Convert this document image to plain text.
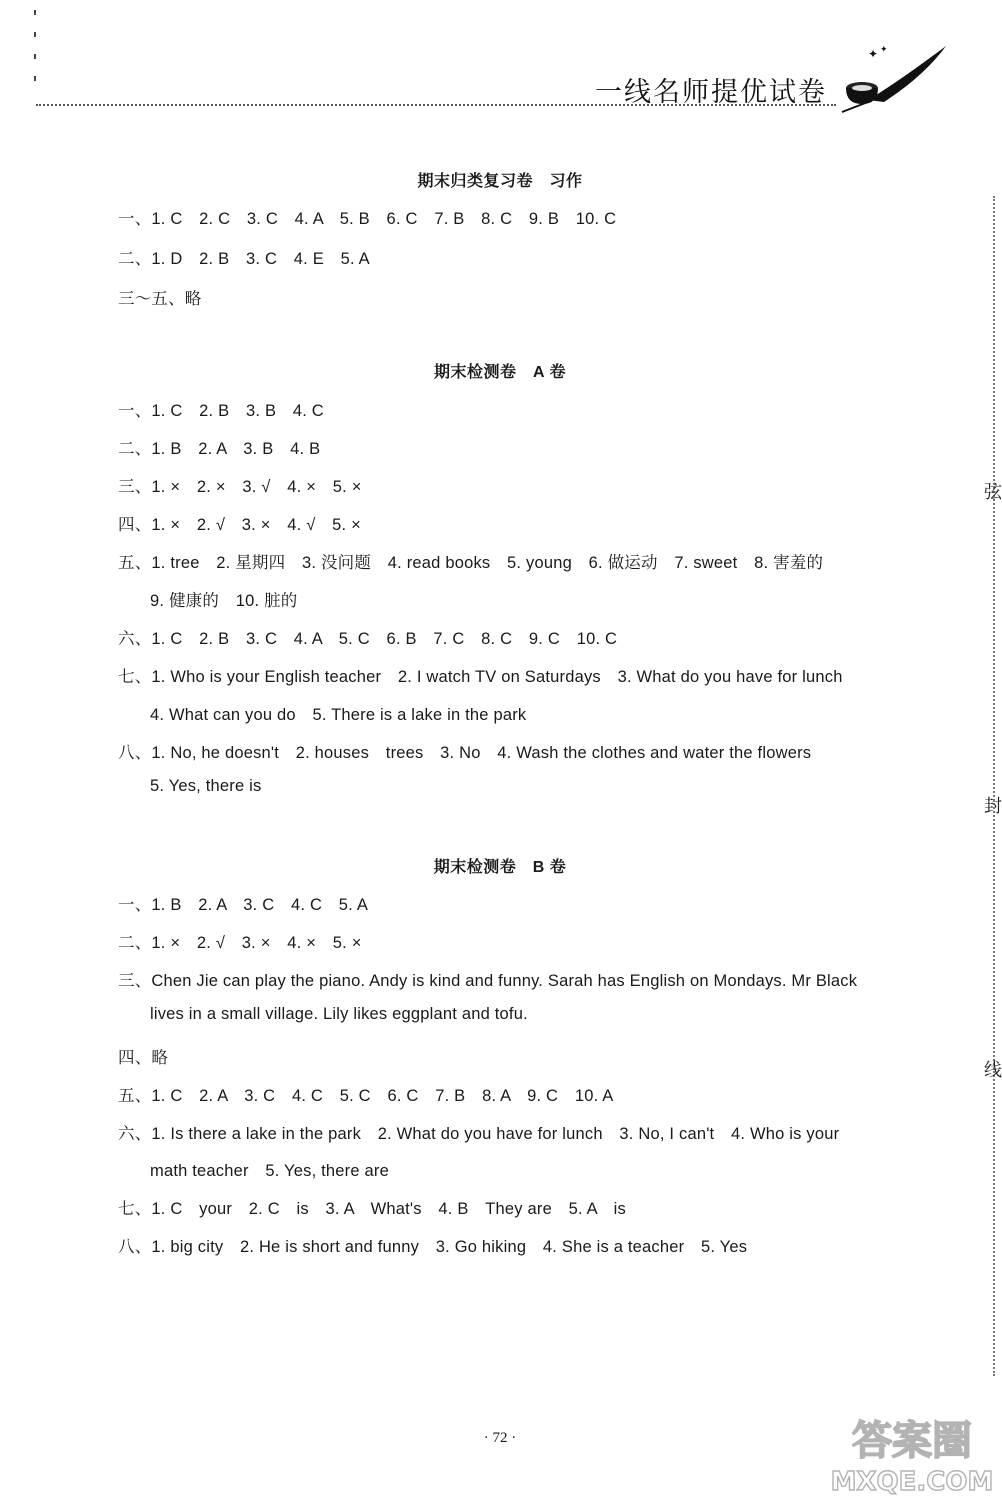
一线名师提优试卷
✦ ✦
弦
封
线
期末归类复习卷　习作
一、1. C　2. C　3. C　4. A　5. B　6. C　7. B　8. C　9. B　10. C
二、1. D　2. B　3. C　4. E　5. A
三～五、略
期末检测卷　A 卷
一、1. C　2. B　3. B　4. C
二、1. B　2. A　3. B　4. B
三、1. ×　2. ×　3. √　4. ×　5. ×
四、1. ×　2. √　3. ×　4. √　5. ×
五、1. tree　2. 星期四　3. 没问题　4. read books　5. young　6. 做运动　7. sweet　8. 害羞的
9. 健康的　10. 脏的
六、1. C　2. B　3. C　4. A　5. C　6. B　7. C　8. C　9. C　10. C
七、1. Who is your English teacher　2. I watch TV on Saturdays　3. What do you have for lunch
4. What can you do　5. There is a lake in the park
八、1. No, he doesn't　2. houses　trees　3. No　4. Wash the clothes and water the flowers
5. Yes, there is
期末检测卷　B 卷
一、1. B　2. A　3. C　4. C　5. A
二、1. ×　2. √　3. ×　4. ×　5. ×
三、Chen Jie can play the piano. Andy is kind and funny. Sarah has English on Mondays. Mr Black
lives in a small village. Lily likes eggplant and tofu.
四、略
五、1. C　2. A　3. C　4. C　5. C　6. C　7. B　8. A　9. C　10. A
六、1. Is there a lake in the park　2. What do you have for lunch　3. No, I can't　4. Who is your
math teacher　5. Yes, there are
七、1. C　your　2. C　is　3. A　What's　4. B　They are　5. A　is
八、1. big city　2. He is short and funny　3. Go hiking　4. She is a teacher　5. Yes
· 72 ·	答案圈
MXQE.COM
